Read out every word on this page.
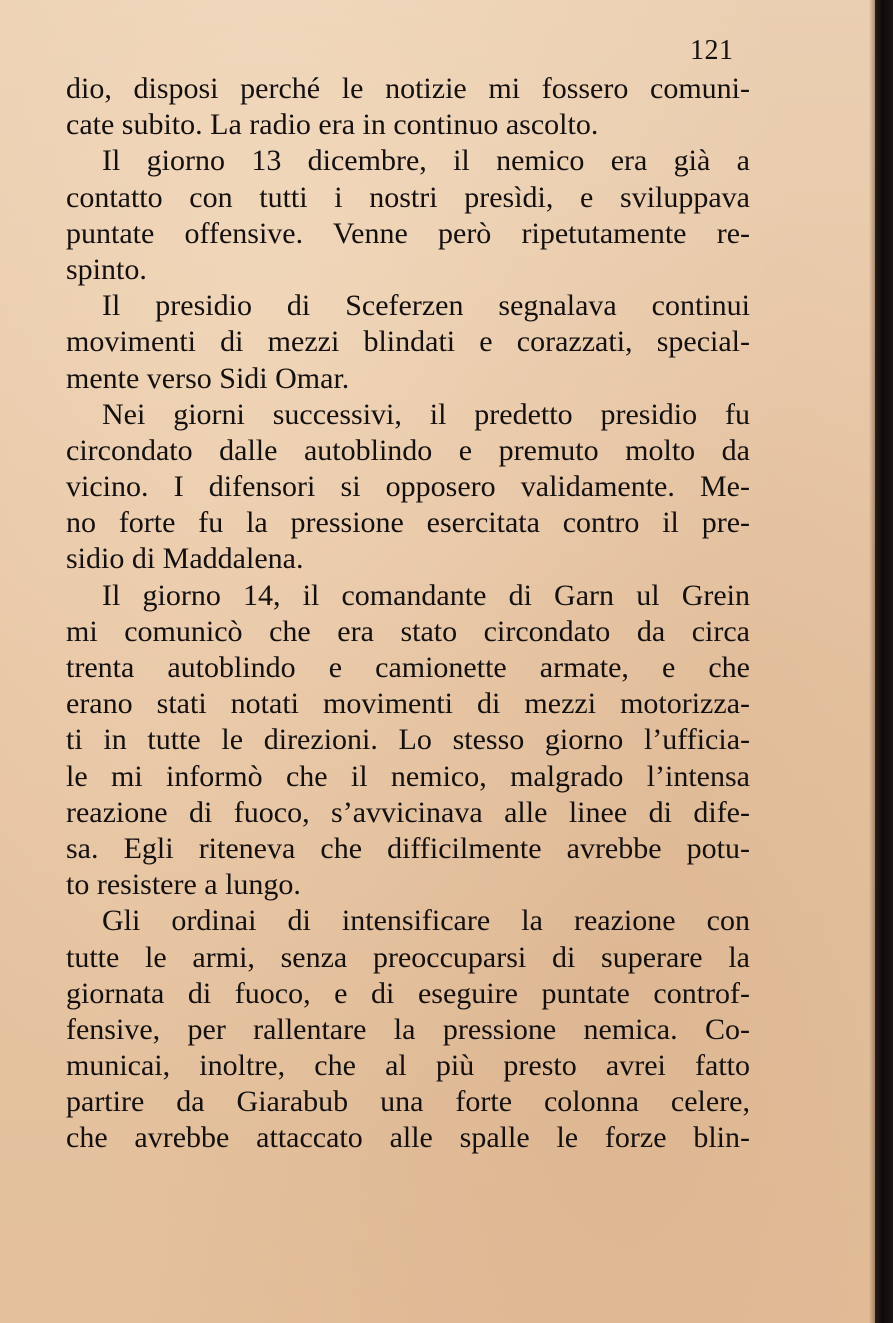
121
dio, disposi perché le notizie mi fossero comuni-
cate subito. La radio era in continuo ascolto.
Il giorno 13 dicembre, il nemico era già a
contatto con tutti i nostri presìdi, e sviluppava
puntate offensive. Venne però ripetutamente re-
spinto.
Il presidio di Sceferzen segnalava continui
movimenti di mezzi blindati e corazzati, special-
mente verso Sidi Omar.
Nei giorni successivi, il predetto presidio fu
circondato dalle autoblindo e premuto molto da
vicino. I difensori si opposero validamente. Me-
no forte fu la pressione esercitata contro il pre-
sidio di Maddalena.
Il giorno 14, il comandante di Garn ul Grein
mi comunicò che era stato circondato da circa
trenta autoblindo e camionette armate, e che
erano stati notati movimenti di mezzi motorizza-
ti in tutte le direzioni. Lo stesso giorno l’ufficia-
le mi informò che il nemico, malgrado l’intensa
reazione di fuoco, s’avvicinava alle linee di dife-
sa. Egli riteneva che difficilmente avrebbe potu-
to resistere a lungo.
Gli ordinai di intensificare la reazione con
tutte le armi, senza preoccuparsi di superare la
giornata di fuoco, e di eseguire puntate controf-
fensive, per rallentare la pressione nemica. Co-
municai, inoltre, che al più presto avrei fatto
partire da Giarabub una forte colonna celere,
che avrebbe attaccato alle spalle le forze blin-
